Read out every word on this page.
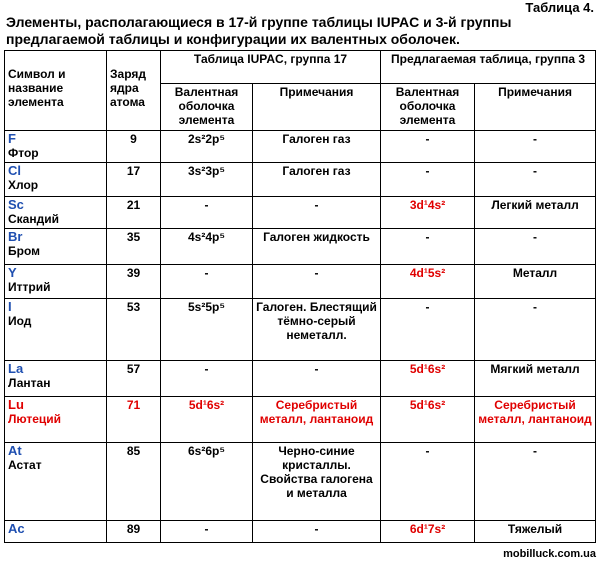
Таблица 4.
Элементы, располагающиеся в 17-й группе таблицы IUPAC и 3-й группы предлагаемой таблицы и конфигурации их валентных оболочек.
Символ и название элемента	Заряд ядра атома	Таблица IUPAC, группа 17		Предлагаемая таблица, группа 3	
		Валентная оболочка элемента	Примечания	Валентная оболочка элемента	Примечания

F
Фтор	9	2s²2p⁵	Галоген газ	-	-

Cl
Хлор	17	3s²3p⁵	Галоген газ	-	-

Sc
Скандий	21	-	-	3d¹4s²	Легкий металл

Br
Бром	35	4s²4p⁵	Галоген жидкость	-	-

Y
Иттрий	39	-	-	4d¹5s²	Металл

I
Иод	53	5s²5p⁵	Галоген. Блестящий тёмно-серый неметалл.	-	-

La
Лантан	57	-	-	5d¹6s²	Мягкий металл

Lu
Лютеций	71	5d¹6s²	Серебристый металл, лантаноид	5d¹6s²	Серебристый металл, лантаноид

At
Астат	85	6s²6p⁵	Черно-синие кристаллы. Свойства галогена и металла	-	-

Ac	89	-	-	6d¹7s²	Тяжелый
mobilluck.com.ua
